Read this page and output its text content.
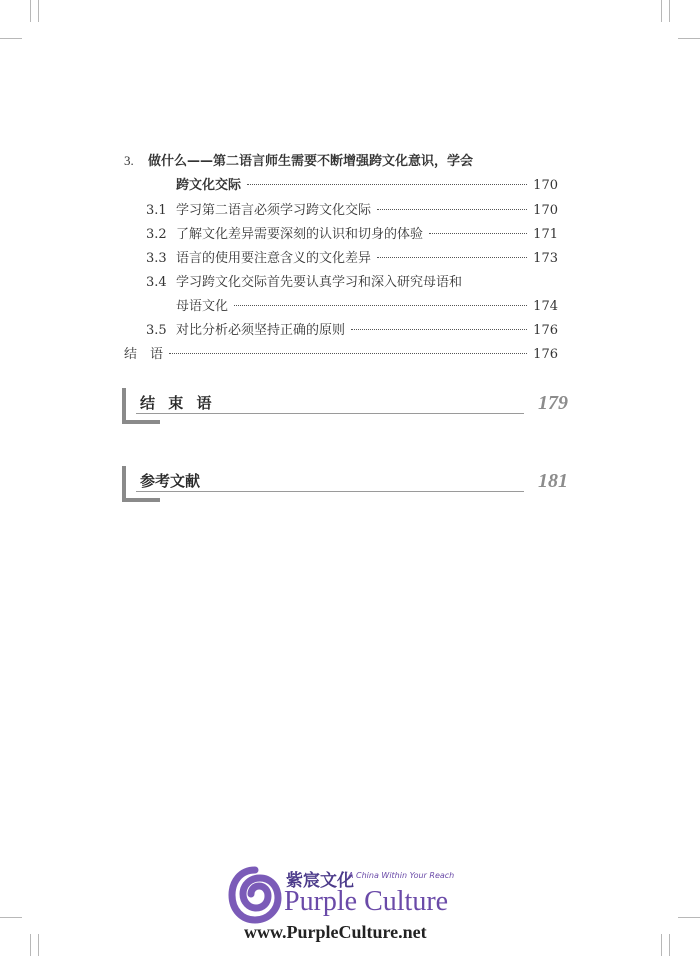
3.	做什么——第二语言师生需要不断增强跨文化意识，学会
跨文化交际	170
3.1 学习第二语言必须学习跨文化交际	170
3.2 了解文化差异需要深刻的认识和切身的体验	171
3.3 语言的使用要注意含义的文化差异	173
3.4 学习跨文化交际首先要认真学习和深入研究母语和
母语文化	174
3.5 对比分析必须坚持正确的原则	176
结　语	176
结 束 语	179
参考文献	181
紫宸文化
A China Within Your Reach
Purple Culture
www.PurpleCulture.net
